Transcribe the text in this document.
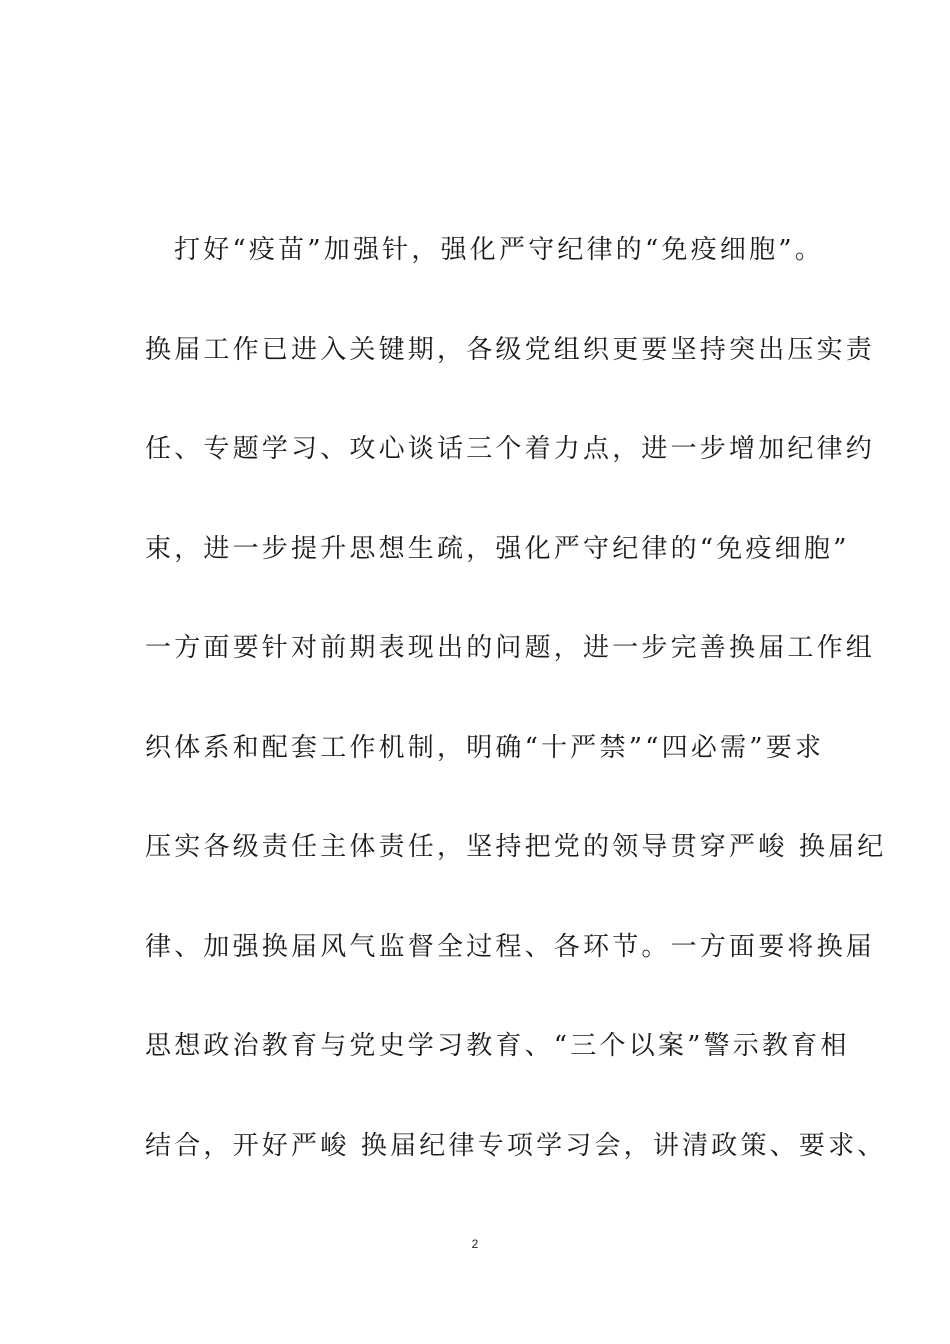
打好“疫苗”加强针，强化严守纪律的“免疫细胞”。
换届工作已进入关键期，各级党组织更要坚持突出压实责
任、专题学习、攻心谈话三个着力点，进一步增加纪律约
束，进一步提升思想生疏，强化严守纪律的“免疫细胞”
一方面要针对前期表现出的问题，进一步完善换届工作组
织体系和配套工作机制，明确“十严禁”“四必需”要求
压实各级责任主体责任，坚持把党的领导贯穿严峻 换届纪
律、加强换届风气监督全过程、各环节。一方面要将换届
思想政治教育与党史学习教育、“三个以案”警示教育相
结合，开好严峻 换届纪律专项学习会，讲清政策、要求、
2
